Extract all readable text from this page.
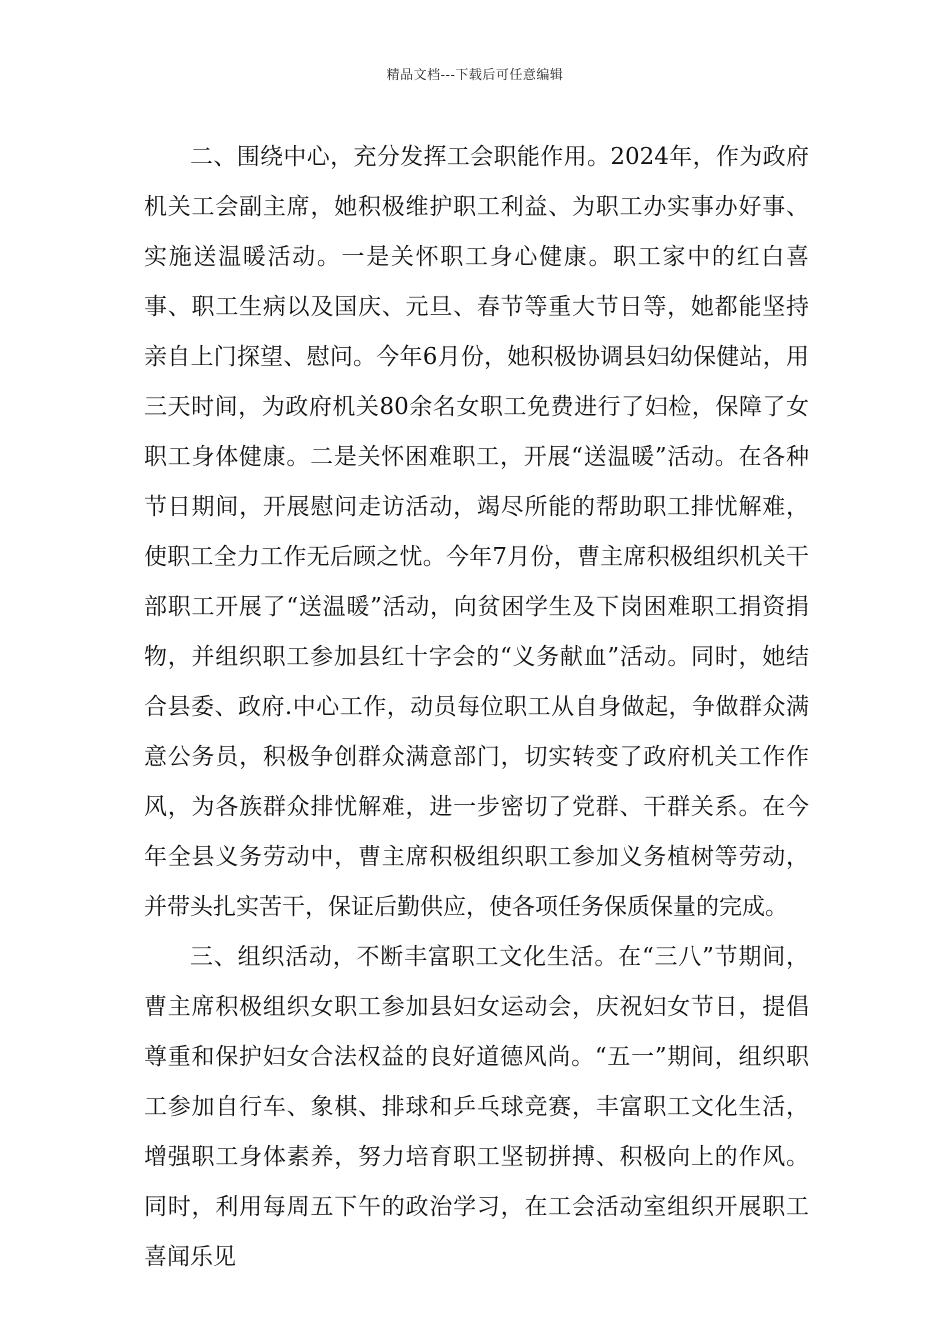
精品文档---下载后可任意编辑

二、围绕中心，充分发挥工会职能作用。2024年，作为政府机关工会副主席，她积极维护职工利益、为职工办实事办好事、实施送温暖活动。一是关怀职工身心健康。职工家中的红白喜事、职工生病以及国庆、元旦、春节等重大节日等，她都能坚持亲自上门探望、慰问。今年6月份，她积极协调县妇幼保健站，用三天时间，为政府机关80余名女职工免费进行了妇检，保障了女职工身体健康。二是关怀困难职工，开展“送温暖”活动。在各种节日期间，开展慰问走访活动，竭尽所能的帮助职工排忧解难，使职工全力工作无后顾之忧。今年7月份，曹主席积极组织机关干部职工开展了“送温暖”活动，向贫困学生及下岗困难职工捐资捐物，并组织职工参加县红十字会的“义务献血”活动。同时，她结合县委、政府.中心工作，动员每位职工从自身做起，争做群众满意公务员，积极争创群众满意部门，切实转变了政府机关工作作风，为各族群众排忧解难，进一步密切了党群、干群关系。在今年全县义务劳动中，曹主席积极组织职工参加义务植树等劳动，并带头扎实苦干，保证后勤供应，使各项任务保质保量的完成。

三、组织活动，不断丰富职工文化生活。在“三八”节期间，曹主席积极组织女职工参加县妇女运动会，庆祝妇女节日，提倡尊重和保护妇女合法权益的良好道德风尚。“五一”期间，组织职工参加自行车、象棋、排球和乒乓球竞赛，丰富职工文化生活，增强职工身体素养，努力培育职工坚韧拼搏、积极向上的作风。同时，利用每周五下午的政治学习，在工会活动室组织开展职工喜闻乐见
